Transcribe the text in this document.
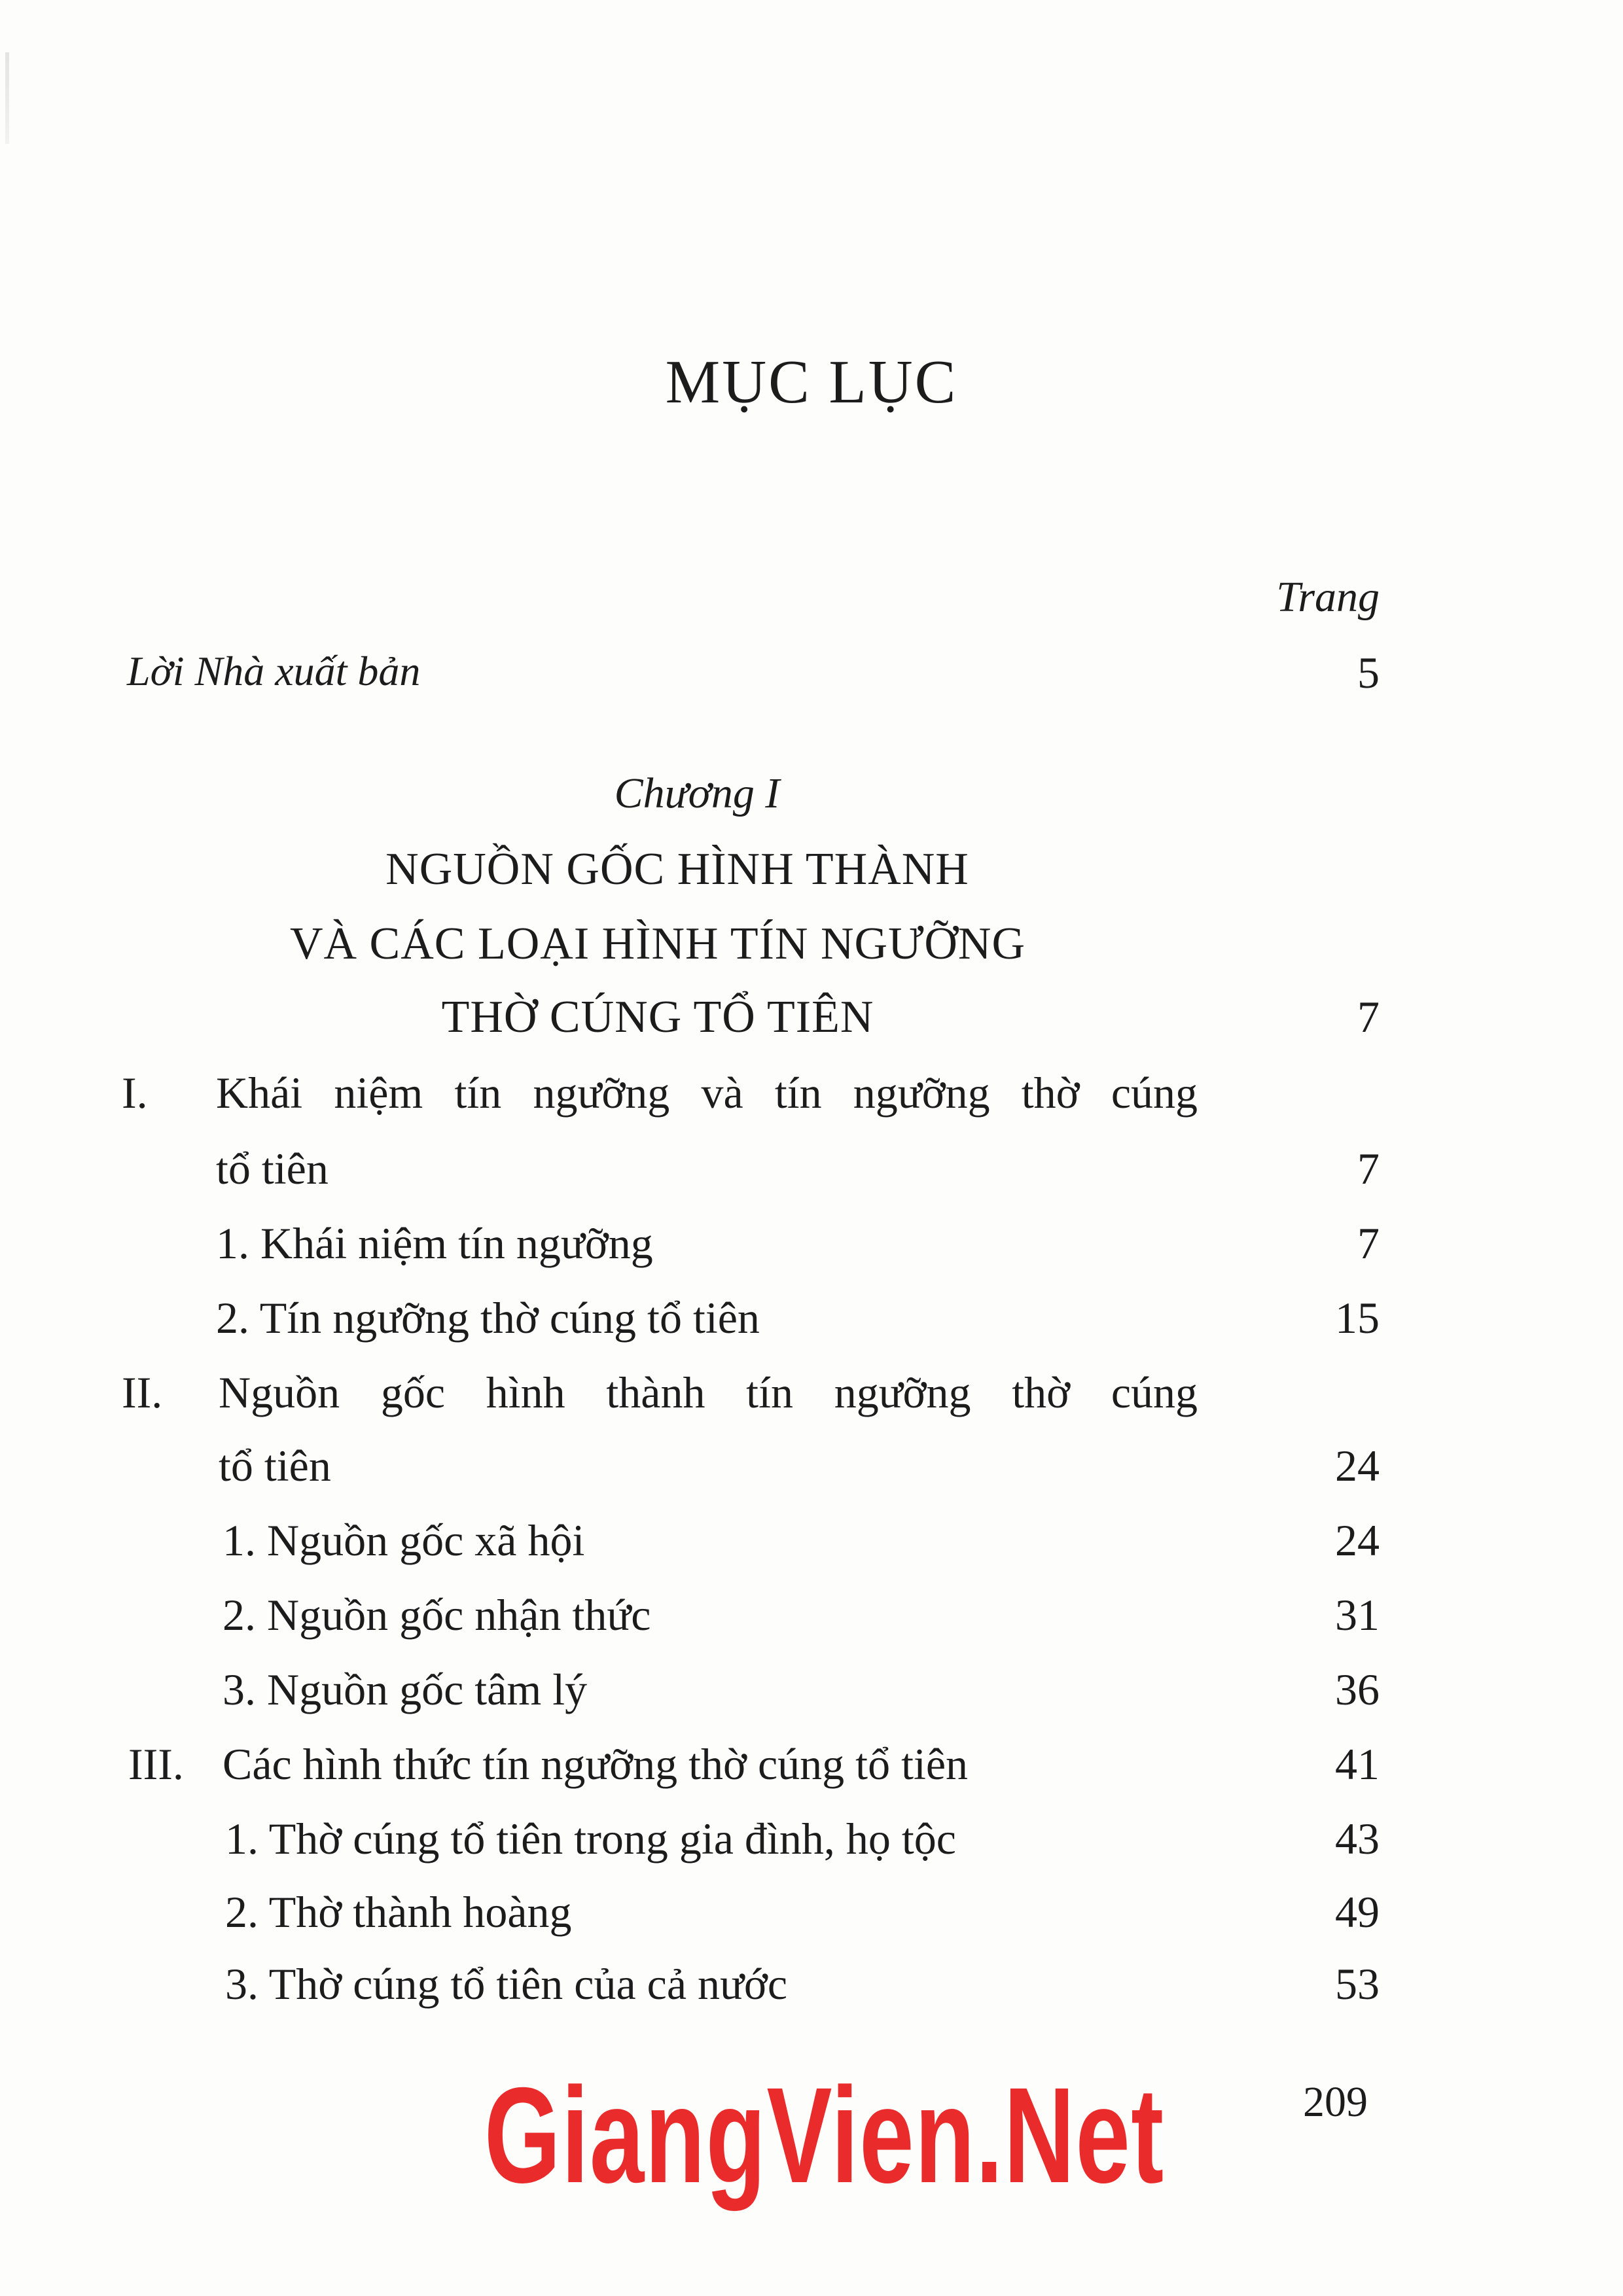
MỤC LỤC
Trang
Lời Nhà xuất bản	5
Chương I
NGUỒN GỐC HÌNH THÀNH
VÀ CÁC LOẠI HÌNH TÍN NGƯỠNG
THỜ CÚNG TỔ TIÊN	7
I. Khái niệm tín ngưỡng và tín ngưỡng thờ cúng
tổ tiên	7
1. Khái niệm tín ngưỡng	7
2. Tín ngưỡng thờ cúng tổ tiên	15
II. Nguồn gốc hình thành tín ngưỡng thờ cúng
tổ tiên	24
1. Nguồn gốc xã hội	24
2. Nguồn gốc nhận thức	31
3. Nguồn gốc tâm lý	36
III. Các hình thức tín ngưỡng thờ cúng tổ tiên	41
1. Thờ cúng tổ tiên trong gia đình, họ tộc	43
2. Thờ thành hoàng	49
3. Thờ cúng tổ tiên của cả nước	53
GiangVien.Net	209
